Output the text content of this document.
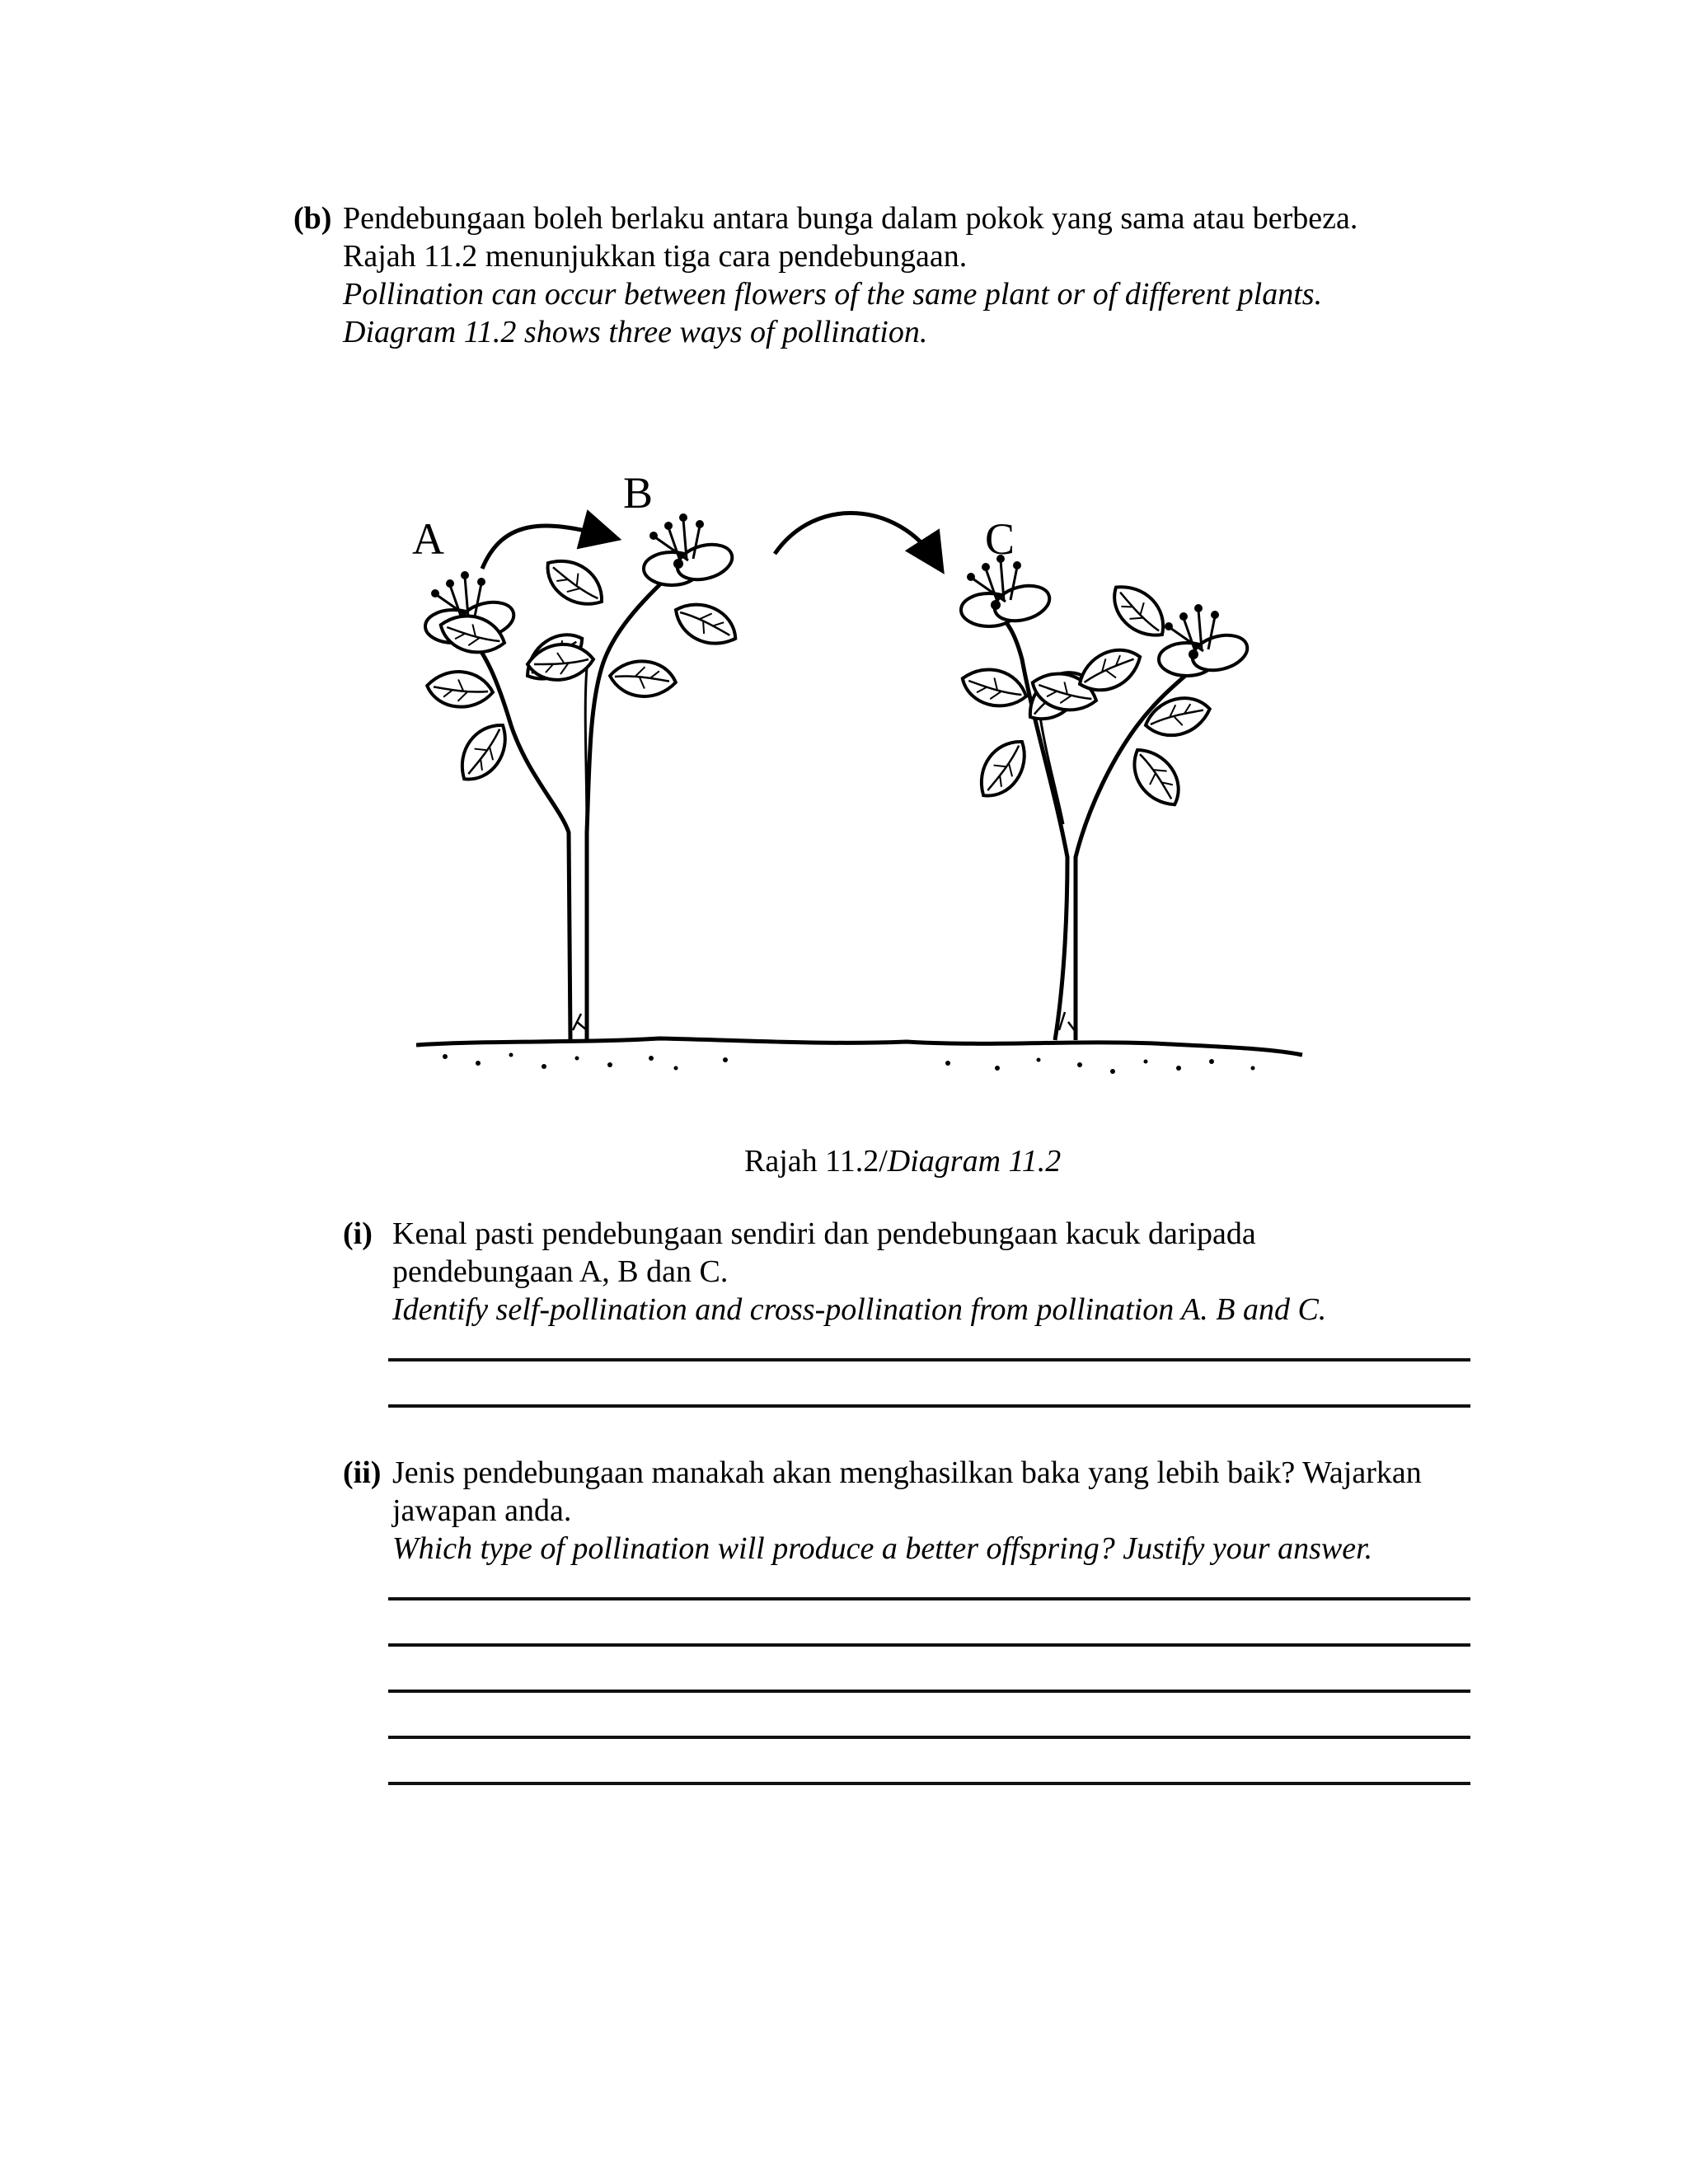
(b) Pendebungaan boleh berlaku antara bunga dalam pokok yang sama atau berbeza.
Rajah 11.2 menunjukkan tiga cara pendebungaan.
Pollination can occur between flowers of the same plant or of different plants.
Diagram 11.2 shows three ways of pollination.
A
B
C
Rajah 11.2/Diagram 11.2
(i) Kenal pasti pendebungaan sendiri dan pendebungaan kacuk daripada
pendebungaan A, B dan C.
Identify self-pollination and cross-pollination from pollination A. B and C.
(ii) Jenis pendebungaan manakah akan menghasilkan baka yang lebih baik? Wajarkan
jawapan anda.
Which type of pollination will produce a better offspring? Justify your answer.
